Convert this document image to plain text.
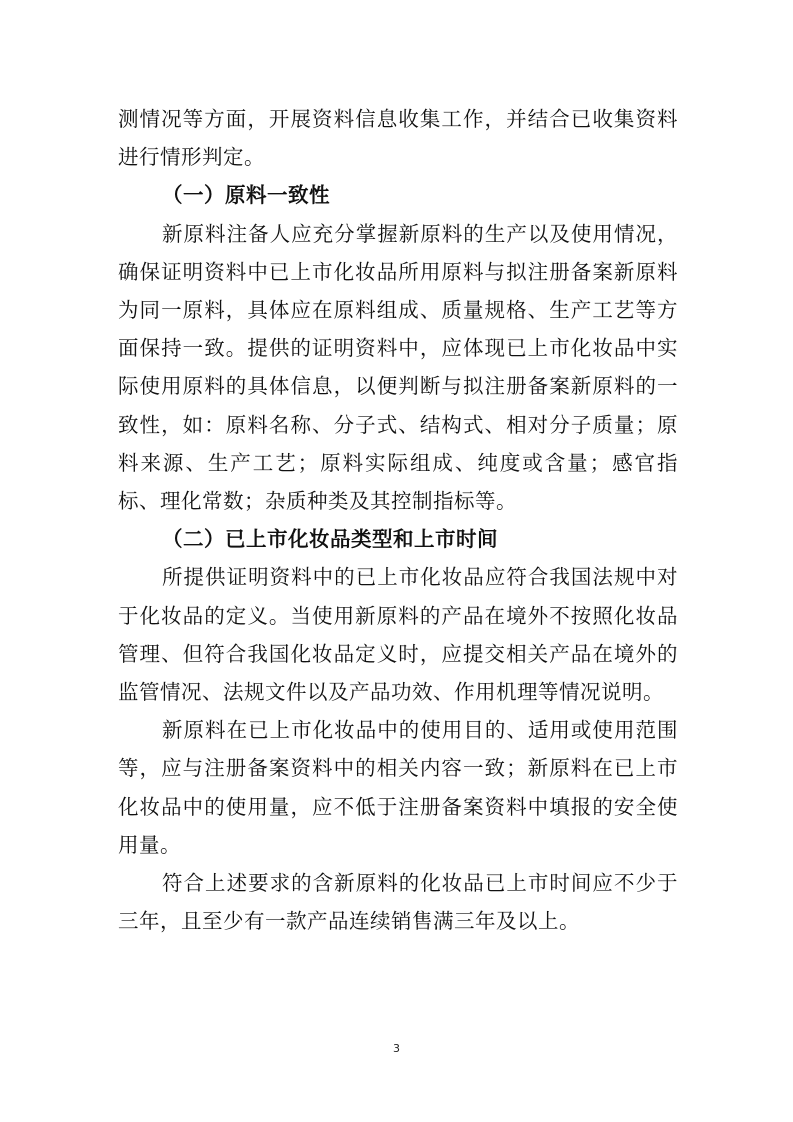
测情况等方面，开展资料信息收集工作，并结合已收集资料进行情形判定。

（一）原料一致性

新原料注备人应充分掌握新原料的生产以及使用情况，确保证明资料中已上市化妆品所用原料与拟注册备案新原料为同一原料，具体应在原料组成、质量规格、生产工艺等方面保持一致。提供的证明资料中，应体现已上市化妆品中实际使用原料的具体信息，以便判断与拟注册备案新原料的一致性，如：原料名称、分子式、结构式、相对分子质量；原料来源、生产工艺；原料实际组成、纯度或含量；感官指标、理化常数；杂质种类及其控制指标等。

（二）已上市化妆品类型和上市时间

所提供证明资料中的已上市化妆品应符合我国法规中对于化妆品的定义。当使用新原料的产品在境外不按照化妆品管理、但符合我国化妆品定义时，应提交相关产品在境外的监管情况、法规文件以及产品功效、作用机理等情况说明。

新原料在已上市化妆品中的使用目的、适用或使用范围等，应与注册备案资料中的相关内容一致；新原料在已上市化妆品中的使用量，应不低于注册备案资料中填报的安全使用量。

符合上述要求的含新原料的化妆品已上市时间应不少于三年，且至少有一款产品连续销售满三年及以上。

3
